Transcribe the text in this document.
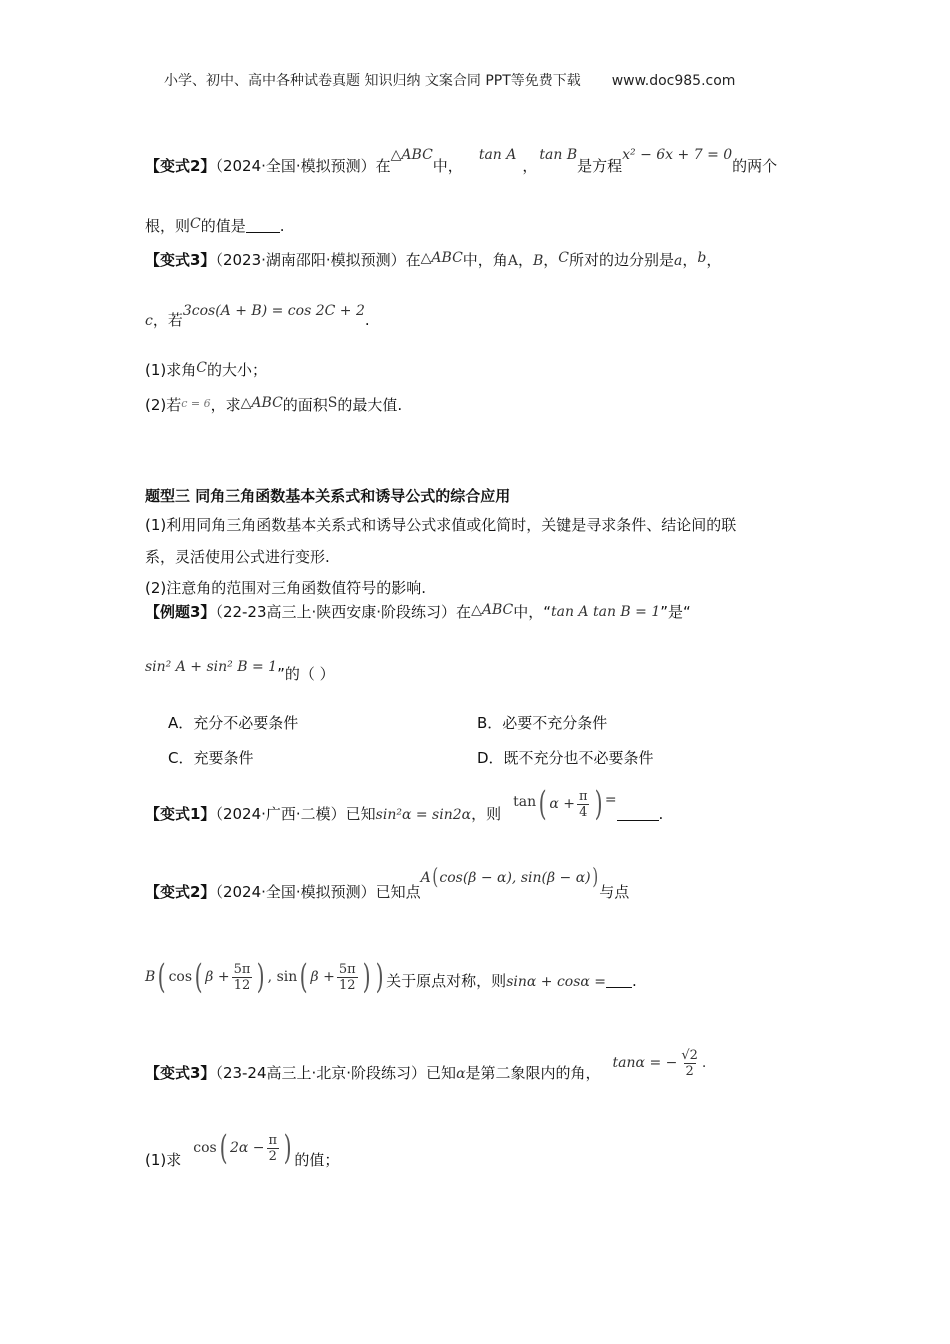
小学、初中、高中各种试卷真题 知识归纳 文案合同 PPT等免费下载 www.doc985.com
【变式2】（2024·全国·模拟预测）在△ABC中，tan A，tan B是方程x² − 6x + 7 = 0的两个
根，则C的值是 .
【变式3】（2023·湖南邵阳·模拟预测）在△ABC中，角A，B，C所对的边分别是a，b，
c，若3cos(A + B) = cos 2C + 2.
(1)求角C的大小；
(2)若$^{c = 6}$，求△ABC的面积S的最大值.
题型三 同角三角函数基本关系式和诱导公式的综合应用
(1)利用同角三角函数基本关系式和诱导公式求值或化简时，关键是寻求条件、结论间的联
系，灵活使用公式进行变形.
(2)注意角的范围对三角函数值符号的影响.
【例题3】（22-23高三上·陕西安康·阶段练习）在△ABC中，“tan A tan B = 1”是“
sin² A + sin² B = 1”的（ ）
A．充分不必要条件	B．必要不充分条件
C．充要条件	D．既不充分也不必要条件
【变式1】（2024·广西·二模）已知sin²α = sin2α，则
tan ( $\alpha + \frac{\pi}{4}$ ) =
.
【变式2】（2024·全国·模拟预测）已知点
A ( cos(β − α), sin(β − α) )
与点
B ( cos ( $\beta + \frac{5\pi}{12}$ ) , sin ( $\beta + \frac{5\pi}{12}$ ) ) 关于原点对称，则sinα + cosα = .
【变式3】（23-24高三上·北京·阶段练习）已知α是第二象限内的角，
tanα = − $\frac{√2}{2}$ .
(1)求
cos ( $2\alpha - \frac{\pi}{2}$ ) 的值；
